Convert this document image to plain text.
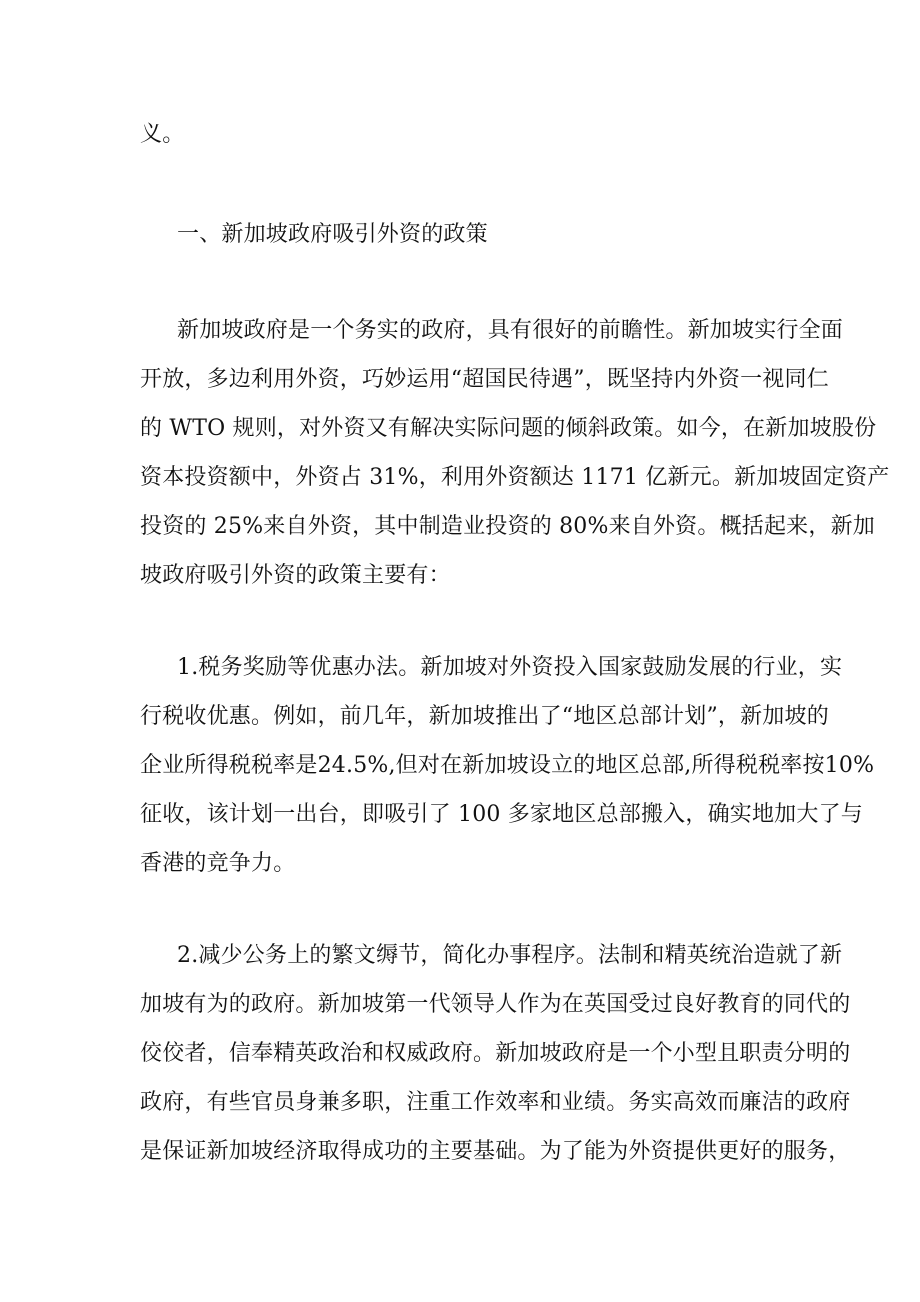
义。
一、新加坡政府吸引外资的政策
新加坡政府是一个务实的政府，具有很好的前瞻性。新加坡实行全面
开放，多边利用外资，巧妙运用“超国民待遇”，既坚持内外资一视同仁
的 WTO 规则，对外资又有解决实际问题的倾斜政策。如今，在新加坡股份
资本投资额中，外资占 31%，利用外资额达 1171 亿新元。新加坡固定资产
投资的 25%来自外资，其中制造业投资的 80%来自外资。概括起来，新加
坡政府吸引外资的政策主要有：
1.税务奖励等优惠办法。新加坡对外资投入国家鼓励发展的行业，实
行税收优惠。例如，前几年，新加坡推出了“地区总部计划”，新加坡的
企业所得税税率是24.5%,但对在新加坡设立的地区总部,所得税税率按10%
征收，该计划一出台，即吸引了 100 多家地区总部搬入，确实地加大了与
香港的竞争力。
2.减少公务上的繁文缛节，简化办事程序。法制和精英统治造就了新
加坡有为的政府。新加坡第一代领导人作为在英国受过良好教育的同代的
佼佼者，信奉精英政治和权威政府。新加坡政府是一个小型且职责分明的
政府，有些官员身兼多职，注重工作效率和业绩。务实高效而廉洁的政府
是保证新加坡经济取得成功的主要基础。为了能为外资提供更好的服务，
